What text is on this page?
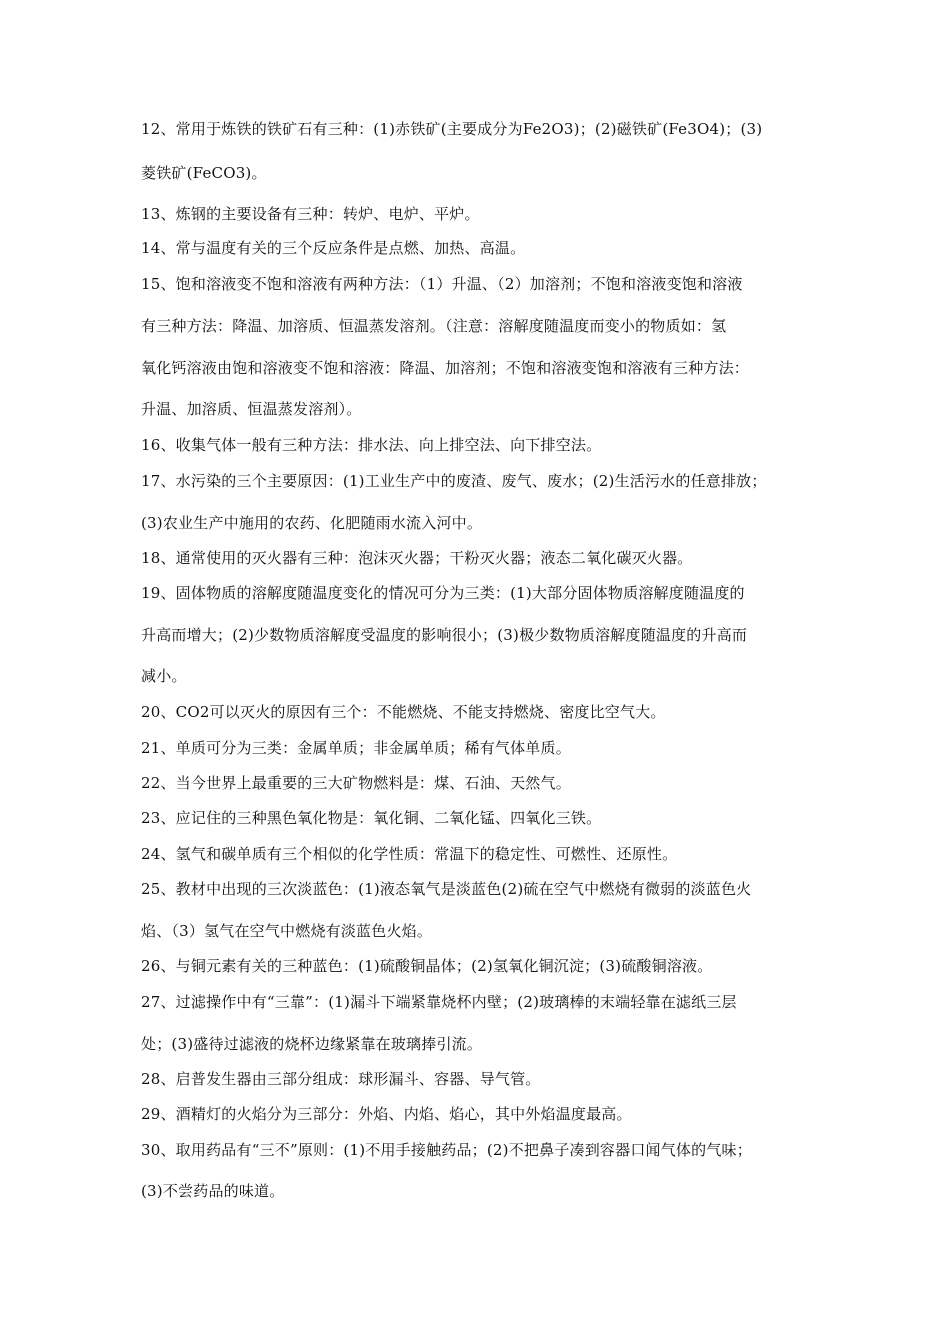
12、常用于炼铁的铁矿石有三种：(1)赤铁矿(主要成分为Fe2O3)；(2)磁铁矿(Fe3O4)；(3)
菱铁矿(FeCO3)。
13、炼钢的主要设备有三种：转炉、电炉、平炉。
14、常与温度有关的三个反应条件是点燃、加热、高温。
15、饱和溶液变不饱和溶液有两种方法：（1）升温、（2）加溶剂；不饱和溶液变饱和溶液
有三种方法：降温、加溶质、恒温蒸发溶剂。（注意：溶解度随温度而变小的物质如：氢
氧化钙溶液由饱和溶液变不饱和溶液：降温、加溶剂；不饱和溶液变饱和溶液有三种方法：
升温、加溶质、恒温蒸发溶剂）。
16、收集气体一般有三种方法：排水法、向上排空法、向下排空法。
17、水污染的三个主要原因：(1)工业生产中的废渣、废气、废水；(2)生活污水的任意排放；
(3)农业生产中施用的农药、化肥随雨水流入河中。
18、通常使用的灭火器有三种：泡沫灭火器；干粉灭火器；液态二氧化碳灭火器。
19、固体物质的溶解度随温度变化的情况可分为三类：(1)大部分固体物质溶解度随温度的
升高而增大；(2)少数物质溶解度受温度的影响很小；(3)极少数物质溶解度随温度的升高而
减小。
20、CO2可以灭火的原因有三个：不能燃烧、不能支持燃烧、密度比空气大。
21、单质可分为三类：金属单质；非金属单质；稀有气体单质。
22、当今世界上最重要的三大矿物燃料是：煤、石油、天然气。
23、应记住的三种黑色氧化物是：氧化铜、二氧化锰、四氧化三铁。
24、氢气和碳单质有三个相似的化学性质：常温下的稳定性、可燃性、还原性。
25、教材中出现的三次淡蓝色：(1)液态氧气是淡蓝色(2)硫在空气中燃烧有微弱的淡蓝色火
焰、（3）氢气在空气中燃烧有淡蓝色火焰。
26、与铜元素有关的三种蓝色：(1)硫酸铜晶体；(2)氢氧化铜沉淀；(3)硫酸铜溶液。
27、过滤操作中有“三靠”：(1)漏斗下端紧靠烧杯内壁；(2)玻璃棒的末端轻靠在滤纸三层
处；(3)盛待过滤液的烧杯边缘紧靠在玻璃捧引流。
28、启普发生器由三部分组成：球形漏斗、容器、导气管。
29、酒精灯的火焰分为三部分：外焰、内焰、焰心，其中外焰温度最高。
30、取用药品有“三不”原则：(1)不用手接触药品；(2)不把鼻子凑到容器口闻气体的气味；
(3)不尝药品的味道。
